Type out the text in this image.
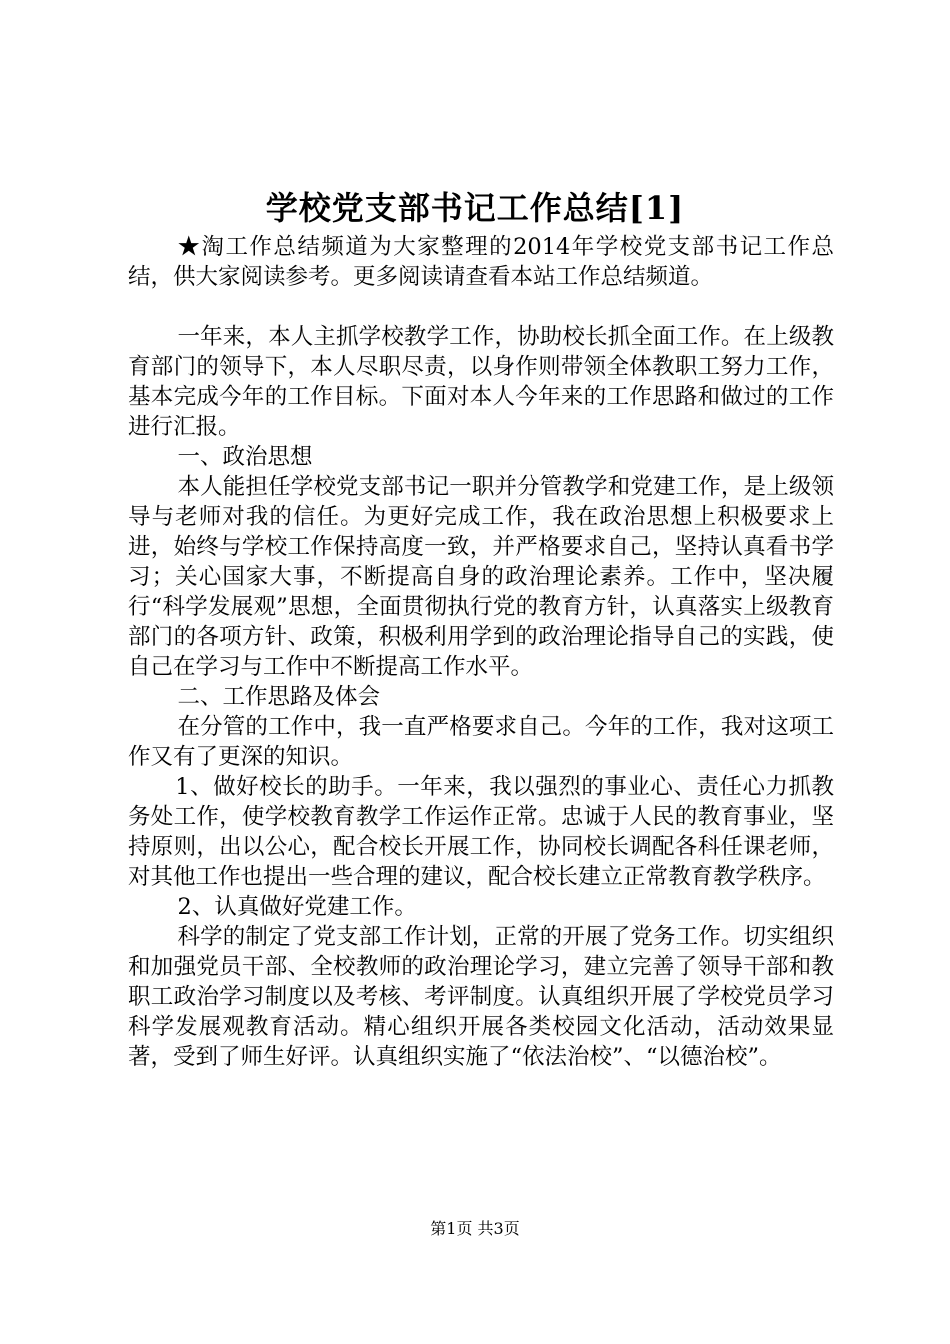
学校党支部书记工作总结[1]

★淘工作总结频道为大家整理的2014年学校党支部书记工作总结，供大家阅读参考。更多阅读请查看本站工作总结频道。

一年来，本人主抓学校教学工作，协助校长抓全面工作。在上级教育部门的领导下，本人尽职尽责，以身作则带领全体教职工努力工作，基本完成今年的工作目标。下面对本人今年来的工作思路和做过的工作进行汇报。

一、政治思想

本人能担任学校党支部书记一职并分管教学和党建工作，是上级领导与老师对我的信任。为更好完成工作，我在政治思想上积极要求上进，始终与学校工作保持高度一致，并严格要求自己，坚持认真看书学习；关心国家大事，不断提高自身的政治理论素养。工作中，坚决履行“科学发展观”思想，全面贯彻执行党的教育方针，认真落实上级教育部门的各项方针、政策，积极利用学到的政治理论指导自己的实践，使自己在学习与工作中不断提高工作水平。

二、工作思路及体会

在分管的工作中，我一直严格要求自己。今年的工作，我对这项工作又有了更深的知识。

1、做好校长的助手。一年来，我以强烈的事业心、责任心力抓教务处工作，使学校教育教学工作运作正常。忠诚于人民的教育事业，坚持原则，出以公心，配合校长开展工作，协同校长调配各科任课老师，对其他工作也提出一些合理的建议，配合校长建立正常教育教学秩序。

2、认真做好党建工作。

科学的制定了党支部工作计划，正常的开展了党务工作。切实组织和加强党员干部、全校教师的政治理论学习，建立完善了领导干部和教职工政治学习制度以及考核、考评制度。认真组织开展了学校党员学习科学发展观教育活动。精心组织开展各类校园文化活动，活动效果显著，受到了师生好评。认真组织实施了“依法治校”、“以德治校”。

第1页 共3页
